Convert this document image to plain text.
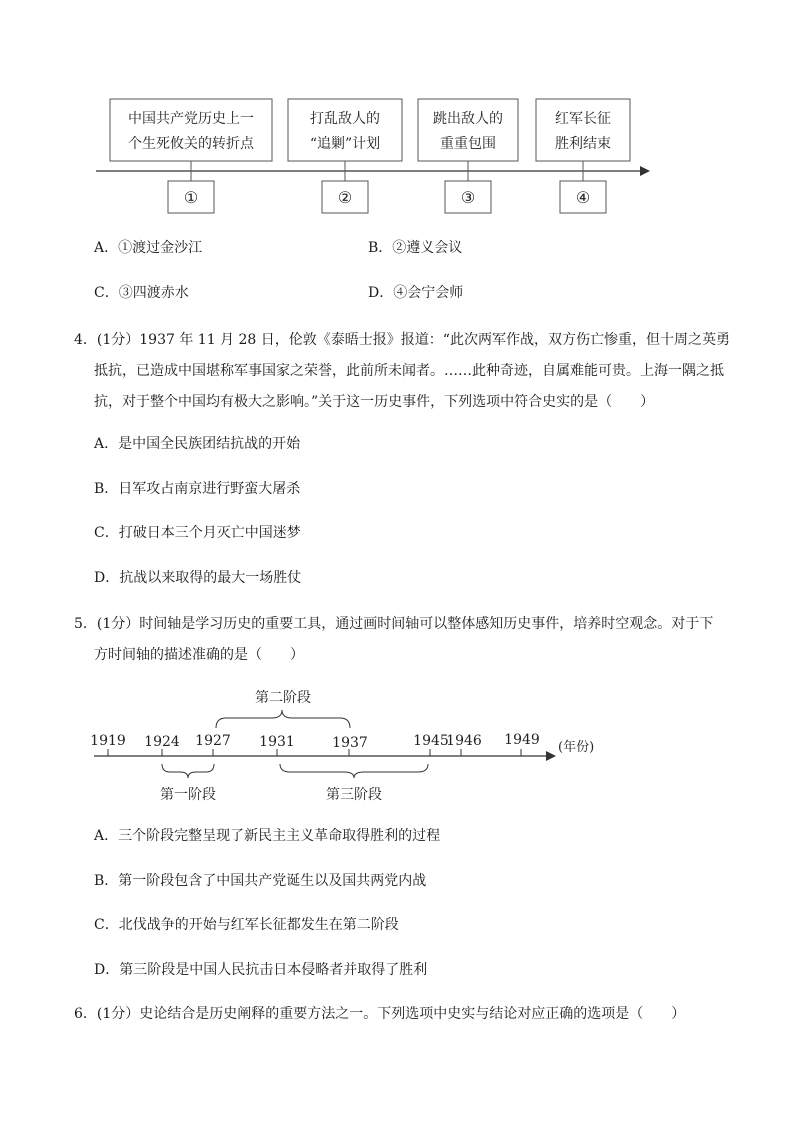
中国共产党历史上一
个生死攸关的转折点
打乱敌人的
“追剿”计划
跳出敌人的
重重包围
红军长征
胜利结束
①	②	③	④
A．①渡过金沙江	B．②遵义会议
C．③四渡赤水	D．④会宁会师
4．(1分）1937 年 11 月 28 日，伦敦《泰晤士报》报道：“此次两军作战，双方伤亡惨重，但十周之英勇
抵抗，已造成中国堪称军事国家之荣誉，此前所未闻者。……此种奇迹，自属难能可贵。上海一隅之抵
抗，对于整个中国均有极大之影响。”关于这一历史事件，下列选项中符合史实的是（　　）
A．是中国全民族团结抗战的开始
B．日军攻占南京进行野蛮大屠杀
C．打破日本三个月灭亡中国迷梦
D．抗战以来取得的最大一场胜仗
5．(1分）时间轴是学习历史的重要工具，通过画时间轴可以整体感知历史事件，培养时空观念。对于下
方时间轴的描述准确的是（　　）
1919 1924 1927 1931	1937	1945
1946 1949 (年份)
第二阶段
第一阶段	第三阶段
A．三个阶段完整呈现了新民主主义革命取得胜利的过程
B．第一阶段包含了中国共产党诞生以及国共两党内战
C．北伐战争的开始与红军长征都发生在第二阶段
D．第三阶段是中国人民抗击日本侵略者并取得了胜利
6．(1分）史论结合是历史阐释的重要方法之一。下列选项中史实与结论对应正确的选项是（　　）
